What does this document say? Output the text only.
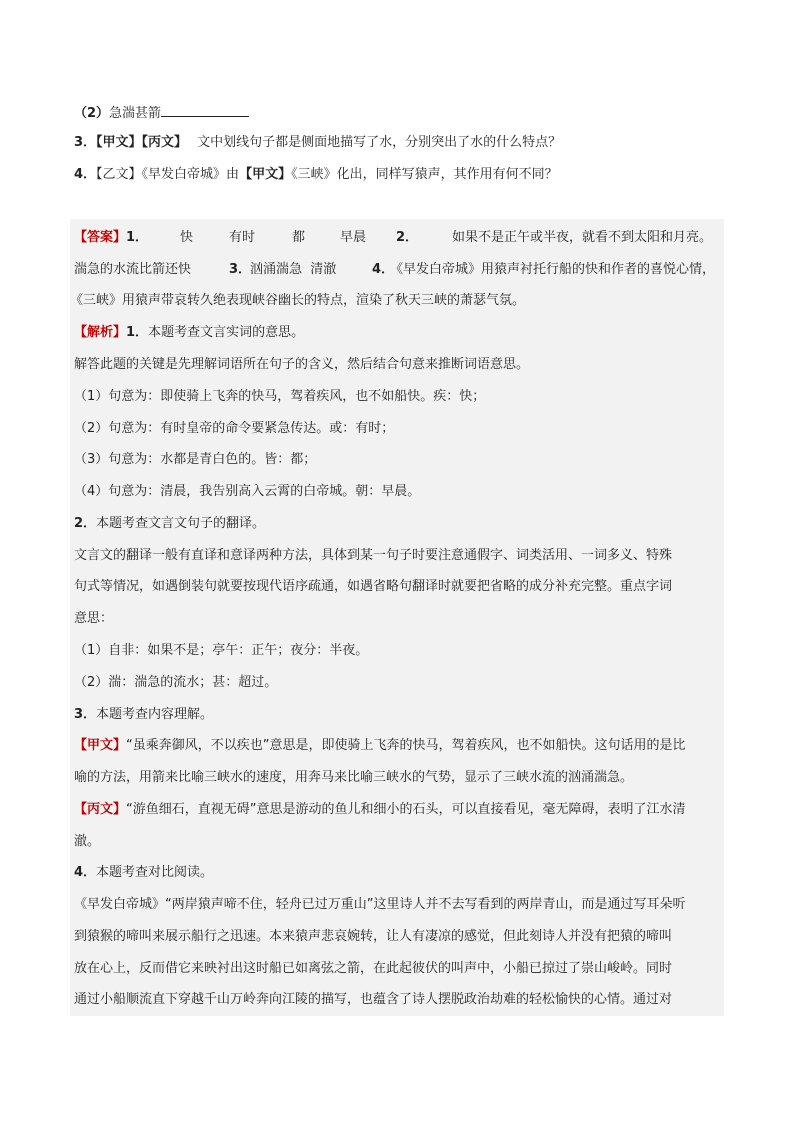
（2）急湍甚箭
3．【甲文】【丙文】 文中划线句子都是侧面地描写了水，分别突出了水的什么特点？
4．【乙文】《早发白帝城》由【甲文】《三峡》化出，同样写猿声，其作用有何不同？
【答案】1． 快	有时	都	早晨 2．	如果不是正午或半夜，就看不到太阳和月亮。
湍急的水流比箭还快	3．
汹涌湍急  清澈	4．
《早发白帝城》用猿声衬托行船的快和作者的喜悦心情，
《三峡》用猿声带哀转久绝表现峡谷幽长的特点，渲染了秋天三峡的萧瑟气氛。
【解析】1．本题考查文言实词的意思。
解答此题的关键是先理解词语所在句子的含义，然后结合句意来推断词语意思。
（1）句意为：即使骑上飞奔的快马，驾着疾风，也不如船快。疾：快；
（2）句意为：有时皇帝的命令要紧急传达。或：有时；
（3）句意为：水都是青白色的。皆：都；
（4）句意为：清晨，我告别高入云霄的白帝城。朝：早晨。
2．本题考查文言文句子的翻译。
文言文的翻译一般有直译和意译两种方法，具体到某一句子时要注意通假字、词类活用、一词多义、特殊
句式等情况，如遇倒装句就要按现代语序疏通，如遇省略句翻译时就要把省略的成分补充完整。重点字词
意思：
（1）自非：如果不是；亭午：正午；夜分：半夜。
（2）湍：湍急的流水；甚：超过。
3．本题考查内容理解。
【甲文】“虽乘奔御风，不以疾也”意思是，即使骑上飞奔的快马，驾着疾风，也不如船快。这句话用的是比
喻的方法，用箭来比喻三峡水的速度，用奔马来比喻三峡水的气势，显示了三峡水流的汹涌湍急。
【丙文】“游鱼细石，直视无碍”意思是游动的鱼儿和细小的石头，可以直接看见，毫无障碍，表明了江水清
澈。
4．本题考查对比阅读。
《早发白帝城》“两岸猿声啼不住，轻舟已过万重山”这里诗人并不去写看到的两岸青山，而是通过写耳朵听
到猿猴的啼叫来展示船行之迅速。本来猿声悲哀婉转，让人有凄凉的感觉，但此刻诗人并没有把猿的啼叫
放在心上，反而借它来映衬出这时船已如离弦之箭，在此起彼伏的叫声中，小船已掠过了崇山峻岭。同时
通过小船顺流直下穿越千山万岭奔向江陵的描写，也蕴含了诗人摆脱政治劫难的轻松愉快的心情。通过对
